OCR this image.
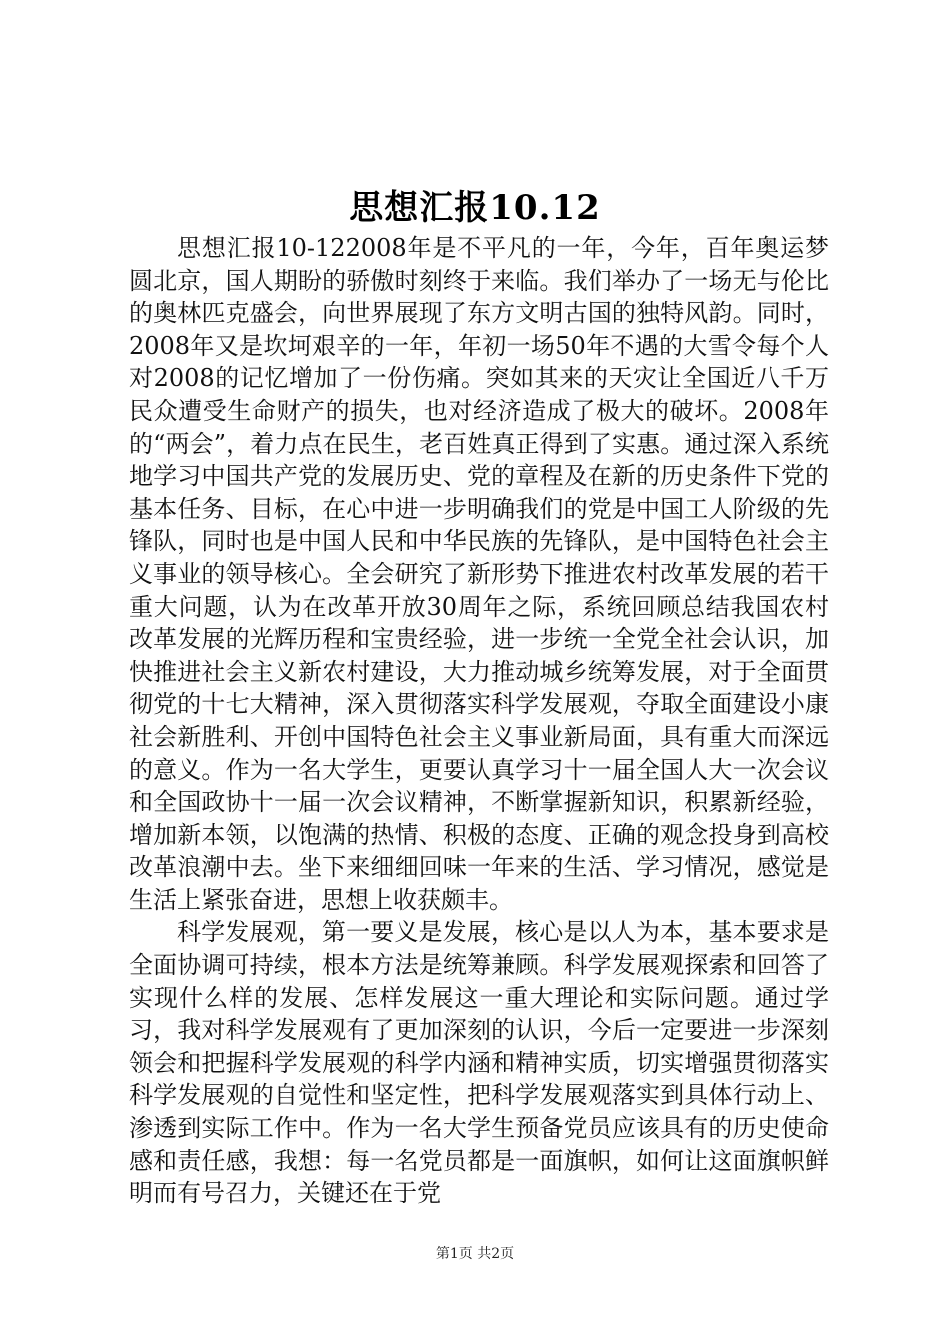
思想汇报10.12

思想汇报10-122008年是不平凡的一年，今年，百年奥运梦圆北京，国人期盼的骄傲时刻终于来临。我们举办了一场无与伦比的奥林匹克盛会，向世界展现了东方文明古国的独特风韵。同时，2008年又是坎坷艰辛的一年，年初一场50年不遇的大雪令每个人对2008的记忆增加了一份伤痛。突如其来的天灾让全国近八千万民众遭受生命财产的损失，也对经济造成了极大的破坏。2008年的“两会”，着力点在民生，老百姓真正得到了实惠。通过深入系统地学习中国共产党的发展历史、党的章程及在新的历史条件下党的基本任务、目标，在心中进一步明确我们的党是中国工人阶级的先锋队，同时也是中国人民和中华民族的先锋队，是中国特色社会主义事业的领导核心。全会研究了新形势下推进农村改革发展的若干重大问题，认为在改革开放30周年之际，系统回顾总结我国农村改革发展的光辉历程和宝贵经验，进一步统一全党全社会认识，加快推进社会主义新农村建设，大力推动城乡统筹发展，对于全面贯彻党的十七大精神，深入贯彻落实科学发展观，夺取全面建设小康社会新胜利、开创中国特色社会主义事业新局面，具有重大而深远的意义。作为一名大学生，更要认真学习十一届全国人大一次会议和全国政协十一届一次会议精神，不断掌握新知识，积累新经验，增加新本领，以饱满的热情、积极的态度、正确的观念投身到高校改革浪潮中去。坐下来细细回味一年来的生活、学习情况，感觉是生活上紧张奋进，思想上收获颇丰。

科学发展观，第一要义是发展，核心是以人为本，基本要求是全面协调可持续，根本方法是统筹兼顾。科学发展观探索和回答了实现什么样的发展、怎样发展这一重大理论和实际问题。通过学习，我对科学发展观有了更加深刻的认识，今后一定要进一步深刻领会和把握科学发展观的科学内涵和精神实质，切实增强贯彻落实科学发展观的自觉性和坚定性，把科学发展观落实到具体行动上、渗透到实际工作中。作为一名大学生预备党员应该具有的历史使命感和责任感，我想：每一名党员都是一面旗帜，如何让这面旗帜鲜明而有号召力，关键还在于党

第1页 共2页
